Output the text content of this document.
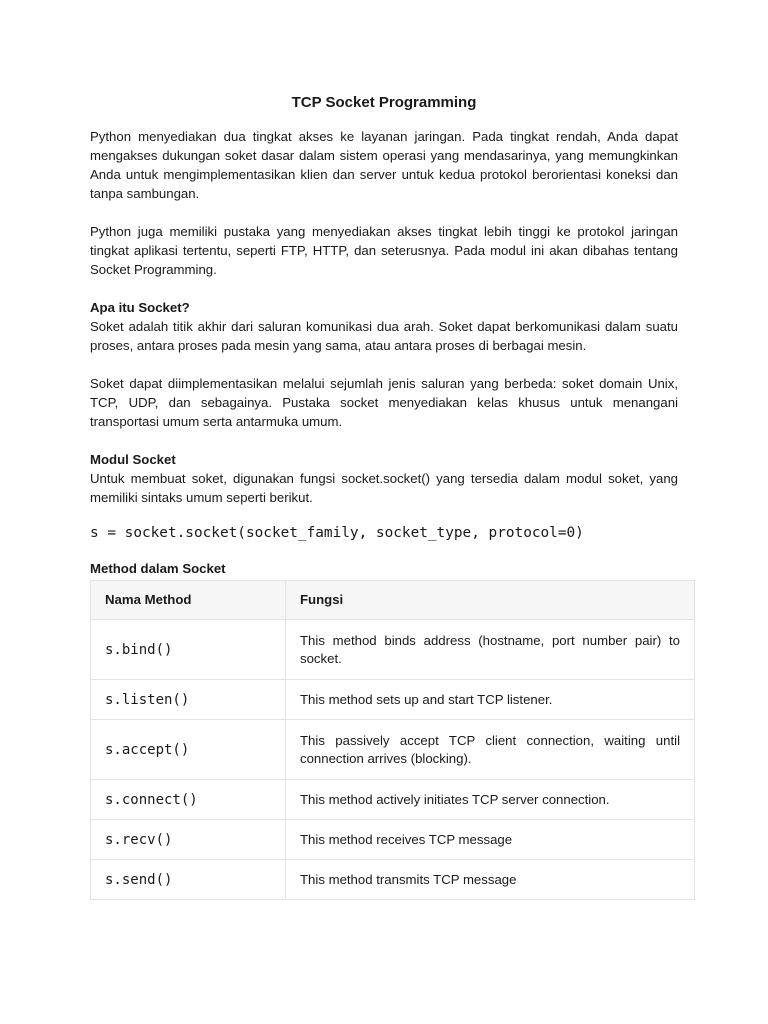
TCP Socket Programming

Python menyediakan dua tingkat akses ke layanan jaringan. Pada tingkat rendah, Anda dapat mengakses dukungan soket dasar dalam sistem operasi yang mendasarinya, yang memungkinkan Anda untuk mengimplementasikan klien dan server untuk kedua protokol berorientasi koneksi dan tanpa sambungan.

Python juga memiliki pustaka yang menyediakan akses tingkat lebih tinggi ke protokol jaringan tingkat aplikasi tertentu, seperti FTP, HTTP, dan seterusnya. Pada modul ini akan dibahas tentang Socket Programming.

Apa itu Socket?

Soket adalah titik akhir dari saluran komunikasi dua arah. Soket dapat berkomunikasi dalam suatu proses, antara proses pada mesin yang sama, atau antara proses di berbagai mesin.

Soket dapat diimplementasikan melalui sejumlah jenis saluran yang berbeda: soket domain Unix, TCP, UDP, dan sebagainya. Pustaka socket menyediakan kelas khusus untuk menangani transportasi umum serta antarmuka umum.

Modul Socket

Untuk membuat soket, digunakan fungsi socket.socket() yang tersedia dalam modul soket, yang memiliki sintaks umum seperti berikut.

s = socket.socket(socket_family, socket_type, protocol=0)
Method dalam Socket
Nama Method	Fungsi
s.bind()	This method binds address (hostname, port number pair) to socket.
s.listen()	This method sets up and start TCP listener.
s.accept()	This passively accept TCP client connection, waiting until connection arrives (blocking).
s.connect()	This method actively initiates TCP server connection.
s.recv()	This method receives TCP message
s.send()	This method transmits TCP message
